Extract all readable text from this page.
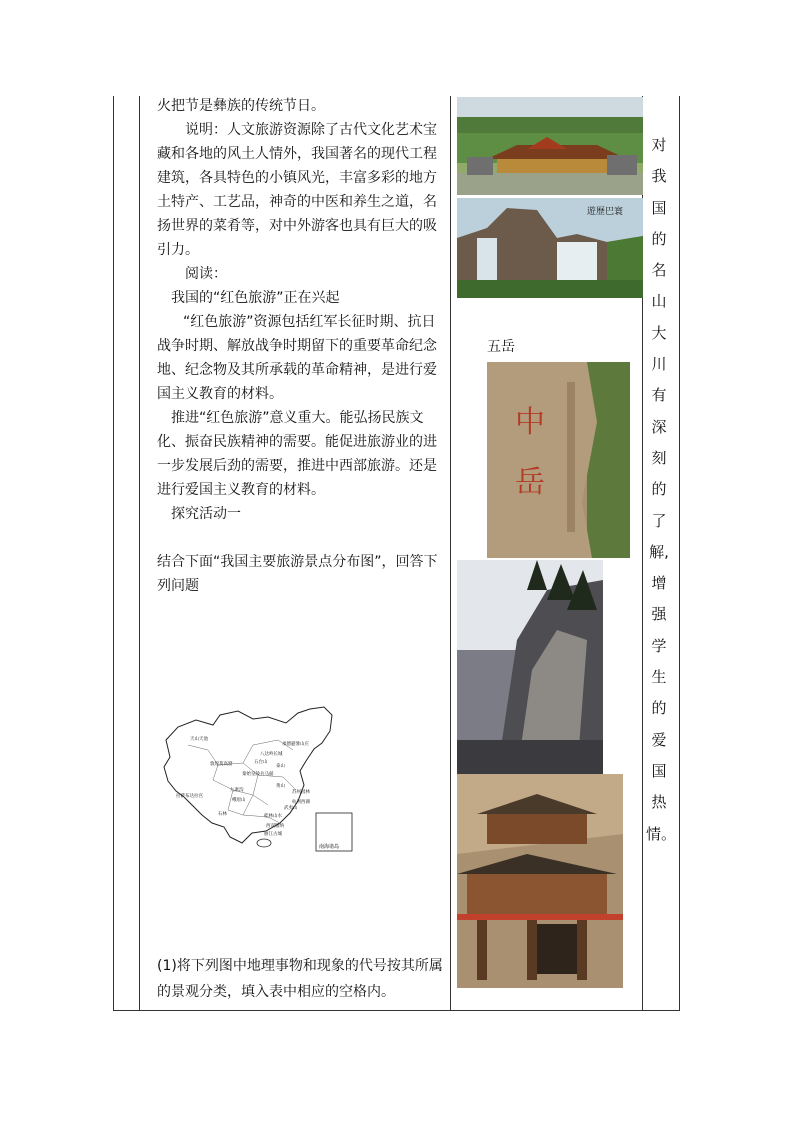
火把节是彝族的传统节日。

说明：人文旅游资源除了古代文化艺术宝藏和各地的风土人情外，我国著名的现代工程建筑，各具特色的小镇风光，丰富多彩的地方土特产、工艺品，神奇的中医和养生之道，名扬世界的菜肴等，对中外游客也具有巨大的吸引力。

阅读：

我国的“红色旅游”正在兴起

“红色旅游”资源包括红军长征时期、抗日战争时期、解放战争时期留下的重要革命纪念地、纪念物及其所承载的革命精神，是进行爱国主义教育的材料。

推进“红色旅游”意义重大。能弘扬民族文化、振奋民族精神的需要。能促进旅游业的进一步发展后劲的需要，推进中西部旅游。还是进行爱国主义教育的材料。

探究活动一

结合下面“我国主要旅游景点分布图”，回答下列问题

南海诸岛
天山天池
敦煌莫高窟
八达岭长城
承德避暑山庄
秦始皇陵兵马俑
拉萨布达拉宫
九寨沟
峨眉山
黄山
杭州西湖
苏州园林
桂林山水
石林
西双版纳
丽江古城
泰山
五台山
武夷山

(1)将下列图中地理事物和现象的代号按其所属的景观分类，填入表中相应的空格内。

遊歷巴寰
五岳
中
岳
对
我
国
的
名
山
大
川
有
深
刻
的
了
解,
增
强
学
生
的
爱
国
热
情。
